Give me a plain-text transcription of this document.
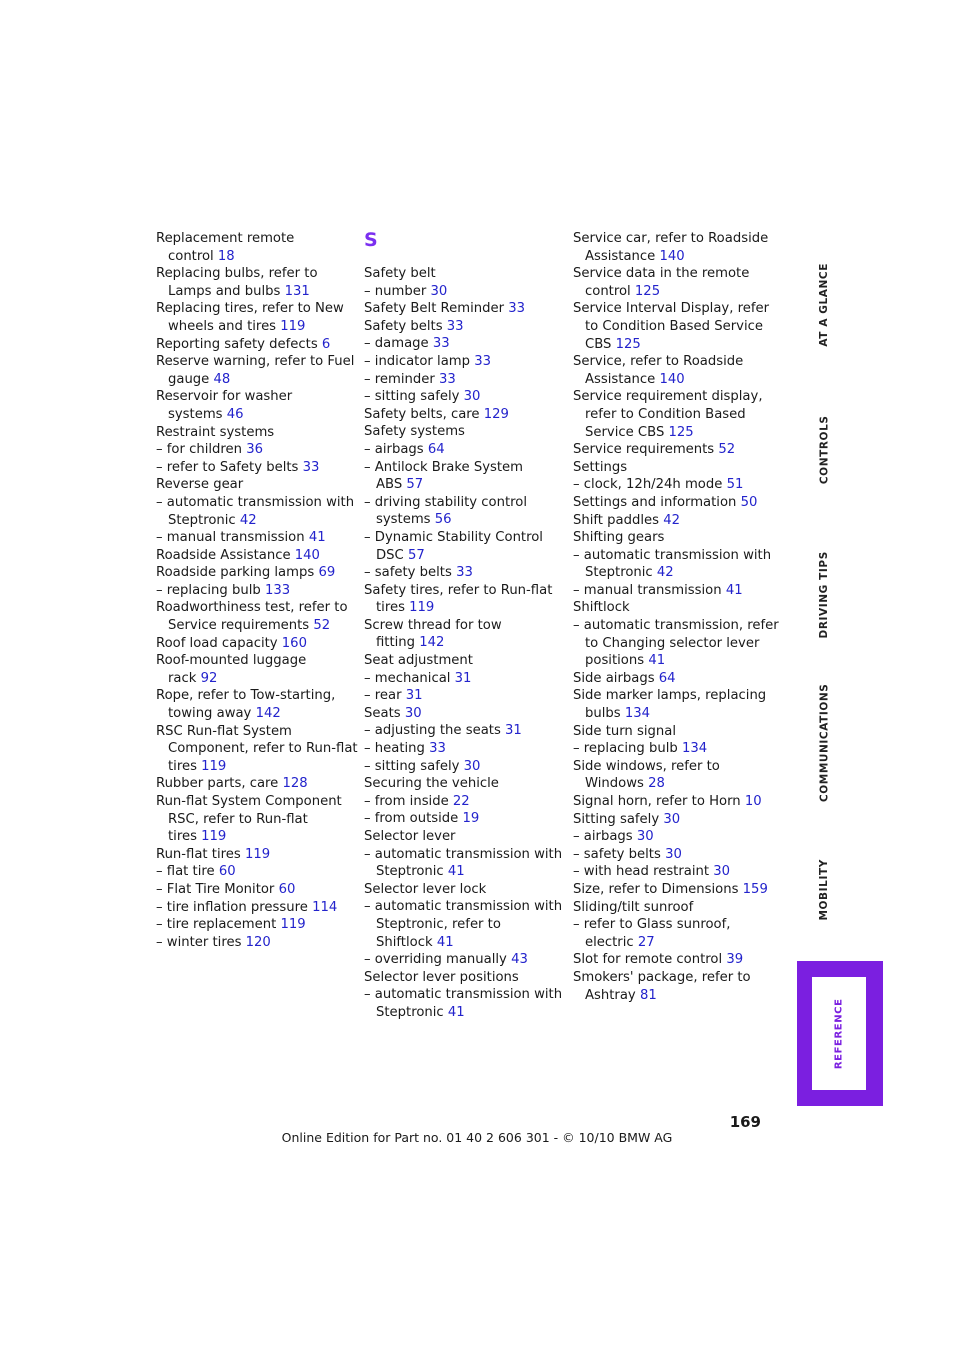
Replacement remote
control 18
Replacing bulbs, refer to
Lamps and bulbs 131
Replacing tires, refer to New
wheels and tires 119
Reporting safety defects 6
Reserve warning, refer to Fuel
gauge 48
Reservoir for washer
systems 46
Restraint systems
– for children 36
– refer to Safety belts 33
Reverse gear
– automatic transmission with
Steptronic 42
– manual transmission 41
Roadside Assistance 140
Roadside parking lamps 69
– replacing bulb 133
Roadworthiness test, refer to
Service requirements 52
Roof load capacity 160
Roof-mounted luggage
rack 92
Rope, refer to Tow-starting,
towing away 142
RSC Run-flat System
Component, refer to Run-flat
tires 119
Rubber parts, care 128
Run-flat System Component
RSC, refer to Run-flat
tires 119
Run-flat tires 119
– flat tire 60
– Flat Tire Monitor 60
– tire inflation pressure 114
– tire replacement 119
– winter tires 120
S
Safety belt
– number 30
Safety Belt Reminder 33
Safety belts 33
– damage 33
– indicator lamp 33
– reminder 33
– sitting safely 30
Safety belts, care 129
Safety systems
– airbags 64
– Antilock Brake System
ABS 57
– driving stability control
systems 56
– Dynamic Stability Control
DSC 57
– safety belts 33
Safety tires, refer to Run-flat
tires 119
Screw thread for tow
fitting 142
Seat adjustment
– mechanical 31
– rear 31
Seats 30
– adjusting the seats 31
– heating 33
– sitting safely 30
Securing the vehicle
– from inside 22
– from outside 19
Selector lever
– automatic transmission with
Steptronic 41
Selector lever lock
– automatic transmission with
Steptronic, refer to
Shiftlock 41
– overriding manually 43
Selector lever positions
– automatic transmission with
Steptronic 41
Service car, refer to Roadside
Assistance 140
Service data in the remote
control 125
Service Interval Display, refer
to Condition Based Service
CBS 125
Service, refer to Roadside
Assistance 140
Service requirement display,
refer to Condition Based
Service CBS 125
Service requirements 52
Settings
– clock, 12h/24h mode 51
Settings and information 50
Shift paddles 42
Shifting gears
– automatic transmission with
Steptronic 42
– manual transmission 41
Shiftlock
– automatic transmission, refer
to Changing selector lever
positions 41
Side airbags 64
Side marker lamps, replacing
bulbs 134
Side turn signal
– replacing bulb 134
Side windows, refer to
Windows 28
Signal horn, refer to Horn 10
Sitting safely 30
– airbags 30
– safety belts 30
– with head restraint 30
Size, refer to Dimensions 159
Sliding/tilt sunroof
– refer to Glass sunroof,
electric 27
Slot for remote control 39
Smokers' package, refer to
Ashtray 81
AT A GLANCE
CONTROLS
DRIVING TIPS
COMMUNICATIONS
MOBILITY
REFERENCE
169
Online Edition for Part no. 01 40 2 606 301 - © 10/10 BMW AG
